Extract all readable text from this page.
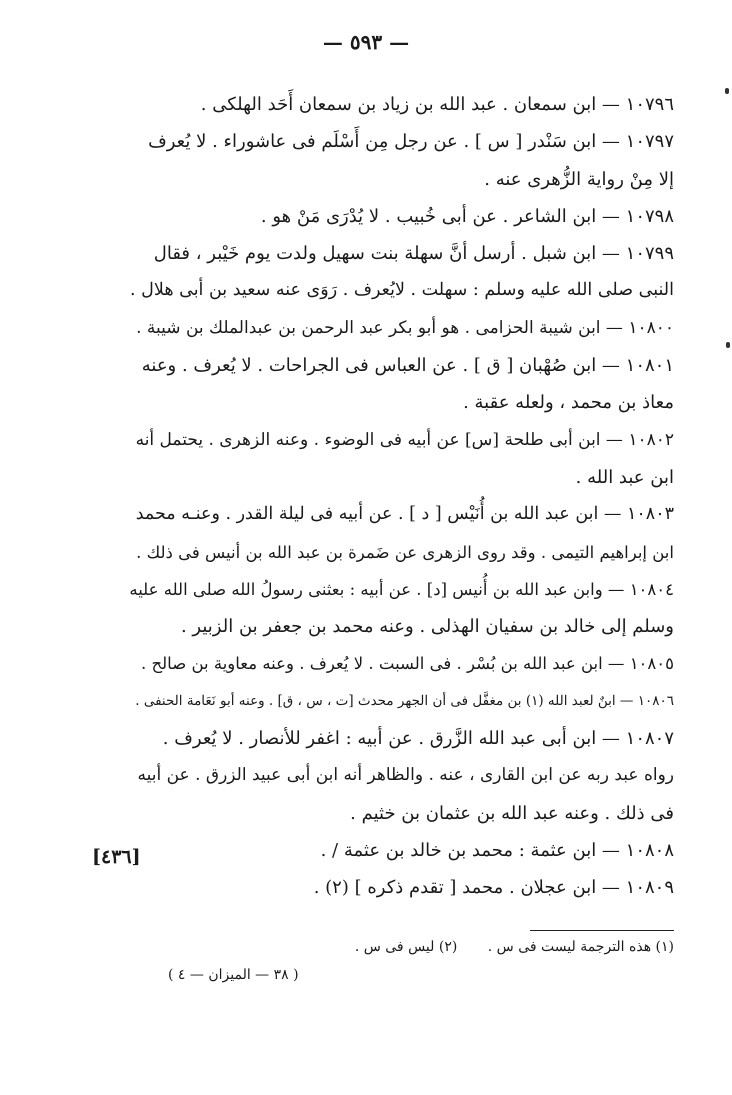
— ٥٩٣ —
١٠٧٩٦ — ابن سمعان . عبد الله بن زياد بن سمعان أَحَد الهلكى .
١٠٧٩٧ — ابن سَنْدر [ س ] . عن رجل مِن أَسْلَم فى عاشوراء . لا يُعرف
إلا مِنْ رواية الزُّهرى عنه .
١٠٧٩٨ — ابن الشاعر . عن أبى خُبيب . لا يُدْرَى مَنْ هو .
١٠٧٩٩ — ابن شبل . أرسل أنَّ سهلة بنت سهيل ولدت يوم خَيْبر ، فقال
النبى صلى الله عليه وسلم : سهلت . لايُعرف . رَوَى عنه سعيد بن أبى هلال .
١٠٨٠٠ — ابن شيبة الحزامى . هو أبو بكر عبد الرحمن بن عبدالملك بن شيبة .
١٠٨٠١ — ابن صُهْبان [ ق ] . عن العباس فى الجراحات . لا يُعرف . وعنه
معاذ بن محمد ، ولعله عقبة .
١٠٨٠٢ — ابن أبى طلحة [س] عن أبيه فى الوضوء . وعنه الزهرى . يحتمل أنه
ابن عبد الله .
١٠٨٠٣ — ابن عبد الله بن أُنَيْس [ د ] . عن أبيه فى ليلة القدر . وعنـه محمد
ابن إبراهيم التيمى . وقد روى الزهرى عن ضَمرة بن عبد الله بن أنيس فى ذلك .
١٠٨٠٤ — وابن عبد الله بن أُنيس [د] . عن أبيه : بعثنى رسولُ الله صلى الله عليه
وسلم إلى خالد بن سفيان الهذلى . وعنه محمد بن جعفر بن الزبير .
١٠٨٠٥ — ابن عبد الله بن بُسْر . فى السبت . لا يُعرف . وعنه معاوية بن صالح .
١٠٨٠٦ — ابنٌ لعبد الله (١) بن مغفَّل فى أن الجهر محدث [ت ، س ، ق] . وعنه أبو نَعَامة الحنفى .
١٠٨٠٧ — ابن أبى عبد الله الزَّرق . عن أبيه : اغفر للأنصار . لا يُعرف .
رواه عبد ربه عن ابن القارى ، عنه . والظاهر أنه ابن أبى عبيد الزرق . عن أبيه
فى ذلك . وعنه عبد الله بن عثمان بن خثيم .
١٠٨٠٨ — ابن عثمة : محمد بن خالد بن عثمة / .
١٠٨٠٩ — ابن عجلان . محمد [ تقدم ذكره ] (٢) .
[٤٣٦]
(١) هذه الترجمة ليست فى س . (٢) ليس فى س .
( ٣٨ — الميزان — ٤ )
